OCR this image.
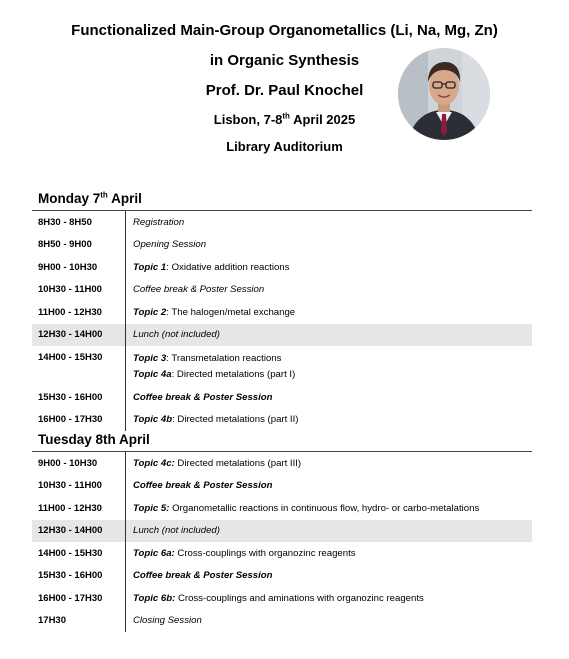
Functionalized Main-Group Organometallics (Li, Na, Mg, Zn)
in Organic Synthesis
Prof. Dr. Paul Knochel
Lisbon, 7-8th April 2025
Library Auditorium
Monday 7th April
8H30 - 8H50	Registration
8H50 - 9H00	Opening Session
9H00 - 10H30	Topic 1: Oxidative addition reactions
10H30 - 11H00	Coffee break & Poster Session
11H00 - 12H30	Topic 2: The halogen/metal exchange
12H30 - 14H00	Lunch (not included)
14H00 - 15H30	Topic 3: Transmetalation reactions
Topic 4a: Directed metalations (part I)
15H30 - 16H00	Coffee break & Poster Session
16H00 - 17H30	Topic 4b: Directed metalations (part II)
Tuesday 8th April
9H00 - 10H30	Topic 4c: Directed metalations (part III)
10H30 - 11H00	Coffee break & Poster Session
11H00 - 12H30	Topic 5: Organometallic reactions in continuous flow, hydro- or carbo-metalations
12H30 - 14H00	Lunch (not included)
14H00 - 15H30	Topic 6a: Cross-couplings with organozinc reagents
15H30 - 16H00	Coffee break & Poster Session
16H00 - 17H30	Topic 6b: Cross-couplings and aminations with organozinc reagents
17H30	Closing Session
